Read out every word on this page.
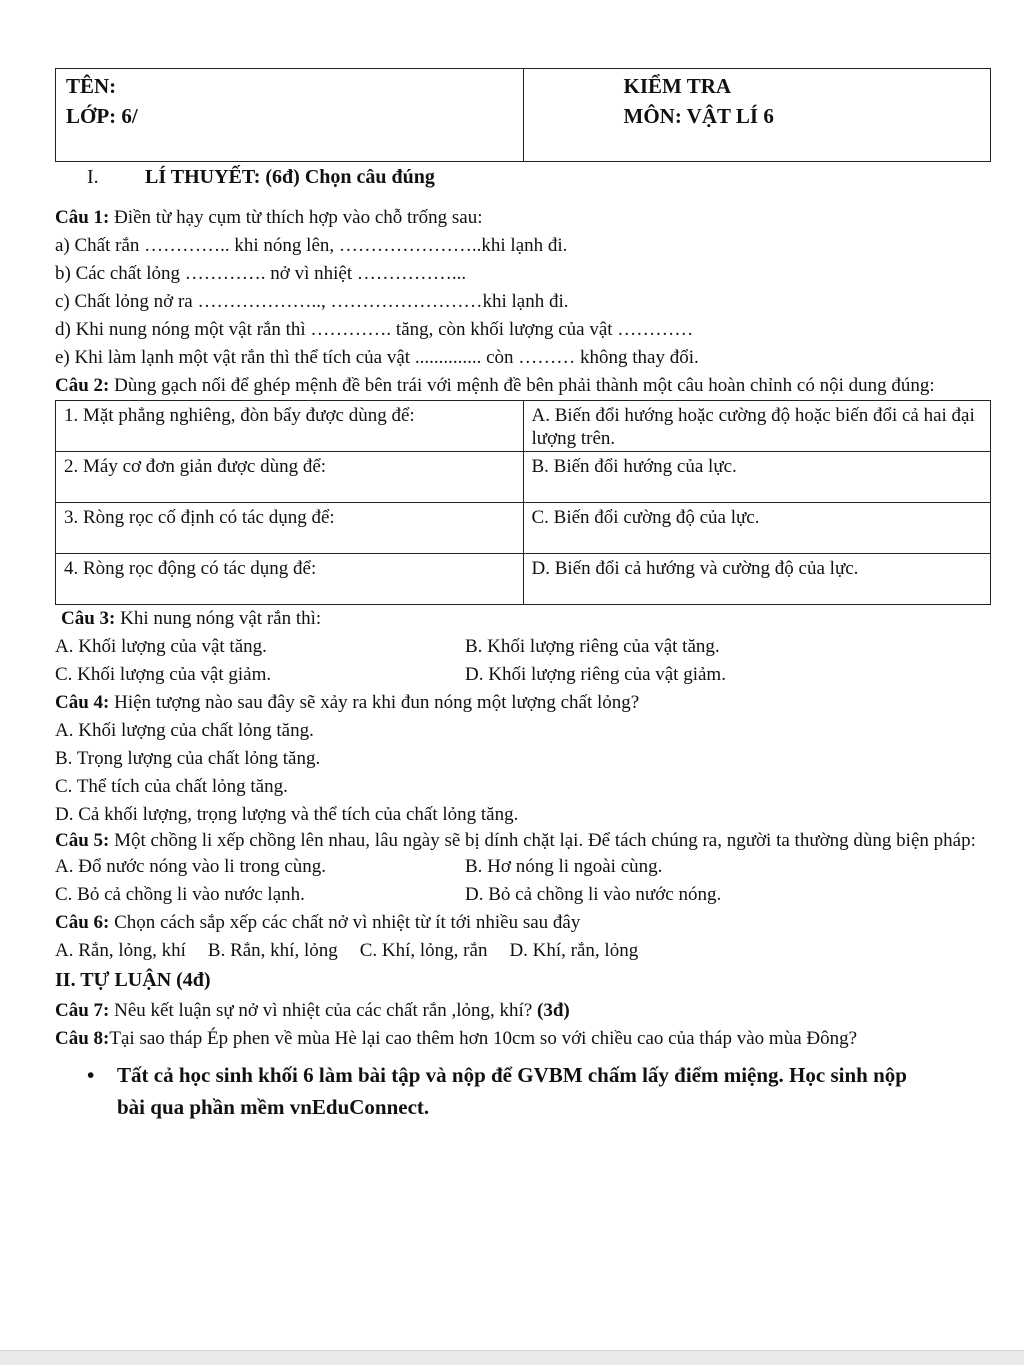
TÊN:
LỚP: 6/

KIỂM TRA
MÔN: VẬT LÍ 6
I. LÍ THUYẾT: (6đ) Chọn câu đúng
Câu 1: Điền từ hạy cụm từ thích hợp vào chỗ trống sau:
a) Chất rắn ………….. khi nóng lên, …………………..khi lạnh đi.
b) Các chất lỏng …………. nở vì nhiệt ……………...
c) Chất lỏng nở ra ……………….., ……………………khi lạnh đi.
d) Khi nung nóng một vật rắn thì …………. tăng, còn khối lượng của vật …………
e) Khi làm lạnh một vật rắn thì thể tích của vật .............. còn ……… không thay đổi.
Câu 2: Dùng gạch nối để ghép mệnh đề bên trái với mệnh đề bên phải thành một câu hoàn chỉnh có nội dung đúng:
1. Mặt phẳng nghiêng, đòn bẩy được dùng để:	A. Biến đổi hướng hoặc cường độ hoặc biến đổi cả hai đại lượng trên.
2. Máy cơ đơn giản được dùng để:	B. Biến đổi hướng của lực.
3. Ròng rọc cố định có tác dụng để:	C. Biến đổi cường độ của lực.
4. Ròng rọc động có tác dụng để:	D. Biến đổi cả hướng và cường độ của lực.
Câu 3: Khi nung nóng vật rắn thì:
A. Khối lượng của vật tăng.	B. Khối lượng riêng của vật tăng.
C. Khối lượng của vật giảm.	D. Khối lượng riêng của vật giảm.
Câu 4: Hiện tượng nào sau đây sẽ xảy ra khi đun nóng một lượng chất lỏng?
A. Khối lượng của chất lỏng tăng.
B. Trọng lượng của chất lỏng tăng.
C. Thể tích của chất lỏng tăng.
D. Cả khối lượng, trọng lượng và thể tích của chất lỏng tăng.
Câu 5: Một chồng li xếp chồng lên nhau, lâu ngày sẽ bị dính chặt lại. Để tách chúng ra, người ta thường dùng biện pháp:
A. Đổ nước nóng vào li trong cùng.	B. Hơ nóng li ngoài cùng.
C. Bỏ cả chồng li vào nước lạnh.	D. Bỏ cả chồng li vào nước nóng.
Câu 6: Chọn cách sắp xếp các chất nở vì nhiệt từ ít tới nhiều sau đây
A. Rắn, lỏng, khí B. Rắn, khí, lỏng C. Khí, lỏng, rắn D. Khí, rắn, lỏng
II. TỰ LUẬN (4đ)
Câu 7: Nêu kết luận sự nở vì nhiệt của các chất rắn ,lỏng, khí? (3đ)
Câu 8:Tại sao tháp Ép phen về mùa Hè lại cao thêm hơn 10cm so với chiều cao của tháp vào mùa Đông?
•	Tất cả học sinh khối 6 làm bài tập và nộp để GVBM chấm lấy điểm miệng. Học sinh nộp bài qua phần mềm vnEduConnect.
